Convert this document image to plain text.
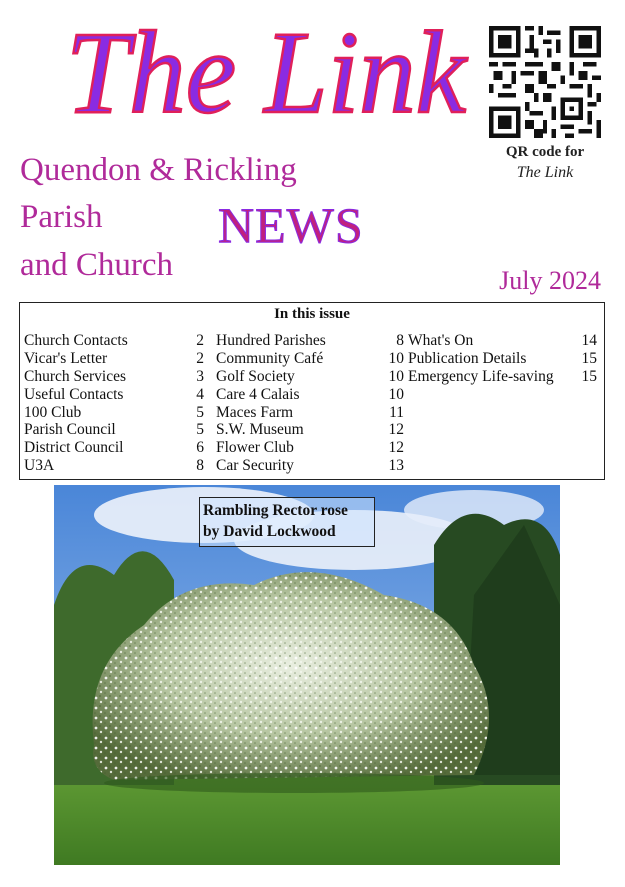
The Link
Quendon & Rickling
Parish
and Church
NEWS
July 2024
QR code for
The Link
In this issue
Church Contacts	2
Vicar's Letter	2
Church Services	3
Useful Contacts	4
100 Club	5
Parish Council	5
District Council	6
U3A	8
Hundred Parishes	8
Community Café	10
Golf Society	10
Care 4 Calais	10
Maces Farm	11
S.W. Museum	12
Flower Club	12
Car Security	13
What's On	14
Publication Details	15
Emergency Life-saving 15
Rambling Rector rose
by David Lockwood
